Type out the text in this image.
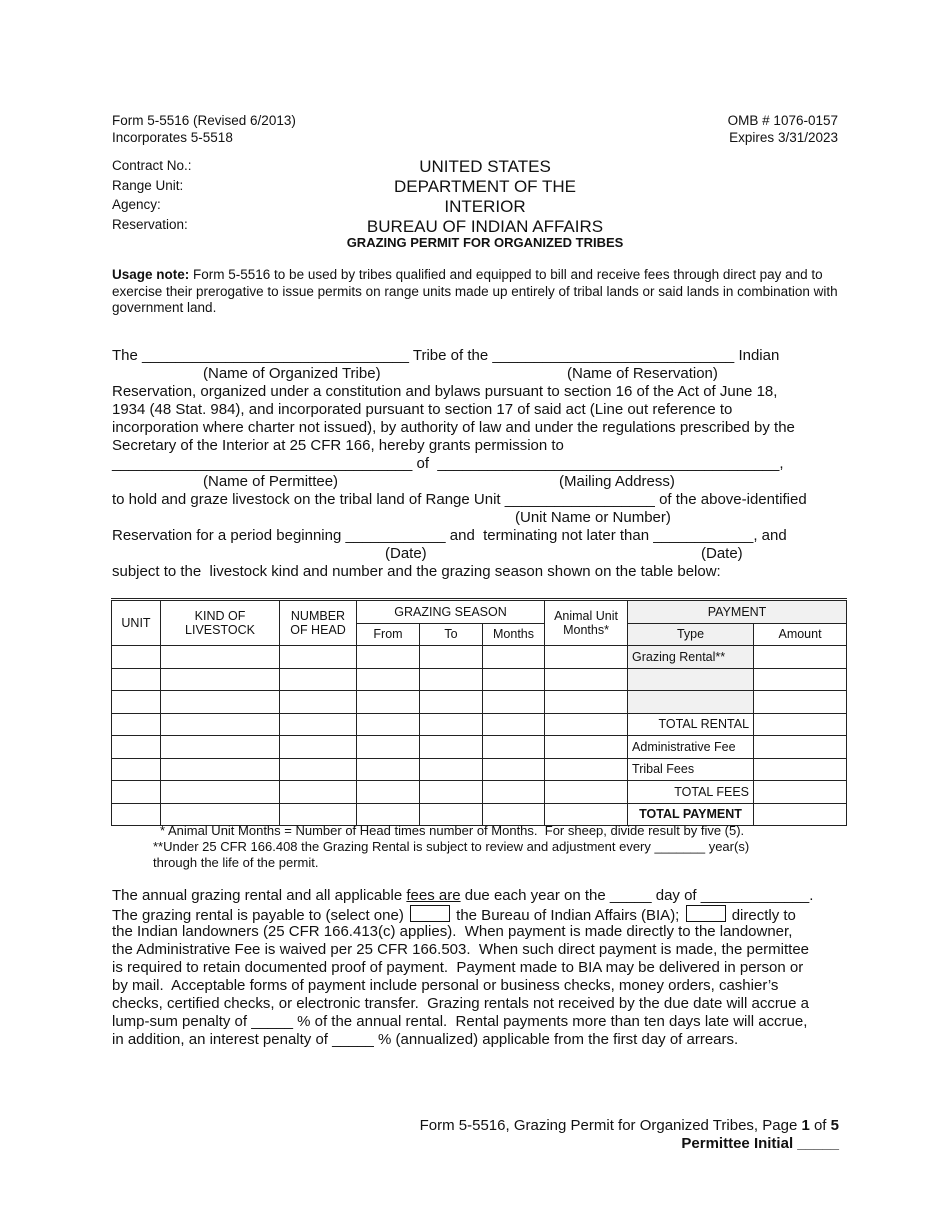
Form 5-5516 (Revised 6/2013)
Incorporates 5-5518
OMB # 1076-0157
Expires 3/31/2023
Contract No.:
Range Unit:
Agency:
Reservation:
UNITED STATES
DEPARTMENT OF THE
INTERIOR
BUREAU OF INDIAN AFFAIRS
GRAZING PERMIT FOR ORGANIZED TRIBES
Usage note: Form 5-5516 to be used by tribes qualified and equipped to bill and receive fees through direct pay and to exercise their prerogative to issue permits on range units made up entirely of tribal lands or said lands in combination with government land.
The ________________________________ Tribe of the _____________________________ Indian
(Name of Organized Tribe)	(Name of Reservation)
Reservation, organized under a constitution and bylaws pursuant to section 16 of the Act of June 18,
1934 (48 Stat. 984), and incorporated pursuant to section 17 of said act (Line out reference to
incorporation where charter not issued), by authority of law and under the regulations prescribed by the
Secretary of the Interior at 25 CFR 166, hereby grants permission to
____________________________________ of  _________________________________________,
(Name of Permittee)	(Mailing Address)
to hold and graze livestock on the tribal land of Range Unit __________________ of the above-identified
(Unit Name or Number)
Reservation for a period beginning ____________ and  terminating not later than ____________, and
(Date)	(Date)
subject to the  livestock kind and number and the grazing season shown on the table below:
UNIT	KIND OF LIVESTOCK	NUMBER OF HEAD	GRAZING SEASON			Animal Unit Months*	PAYMENT	
			From	To	Months		Type	Amount
							Grazing Rental**	

							TOTAL RENTAL	
							Administrative Fee	
							Tribal Fees	
							TOTAL FEES	
							TOTAL PAYMENT	
* Animal Unit Months = Number of Head times number of Months.  For sheep, divide result by five (5).
**Under 25 CFR 166.408 the Grazing Rental is subject to review and adjustment every _______ year(s)
through the life of the permit.
The annual grazing rental and all applicable fees are due each year on the _____ day of _____________.
The grazing rental is payable to (select one)	the Bureau of Indian Affairs (BIA);	directly to
the Indian landowners (25 CFR 166.413(c) applies).  When payment is made directly to the landowner,
the Administrative Fee is waived per 25 CFR 166.503.  When such direct payment is made, the permittee
is required to retain documented proof of payment.  Payment made to BIA may be delivered in person or
by mail.  Acceptable forms of payment include personal or business checks, money orders, cashier’s
checks, certified checks, or electronic transfer.  Grazing rentals not received by the due date will accrue a
lump-sum penalty of _____ % of the annual rental.  Rental payments more than ten days late will accrue,
in addition, an interest penalty of _____ % (annualized) applicable from the first day of arrears.
Form 5-5516, Grazing Permit for Organized Tribes, Page 1 of 5
Permittee Initial _____
